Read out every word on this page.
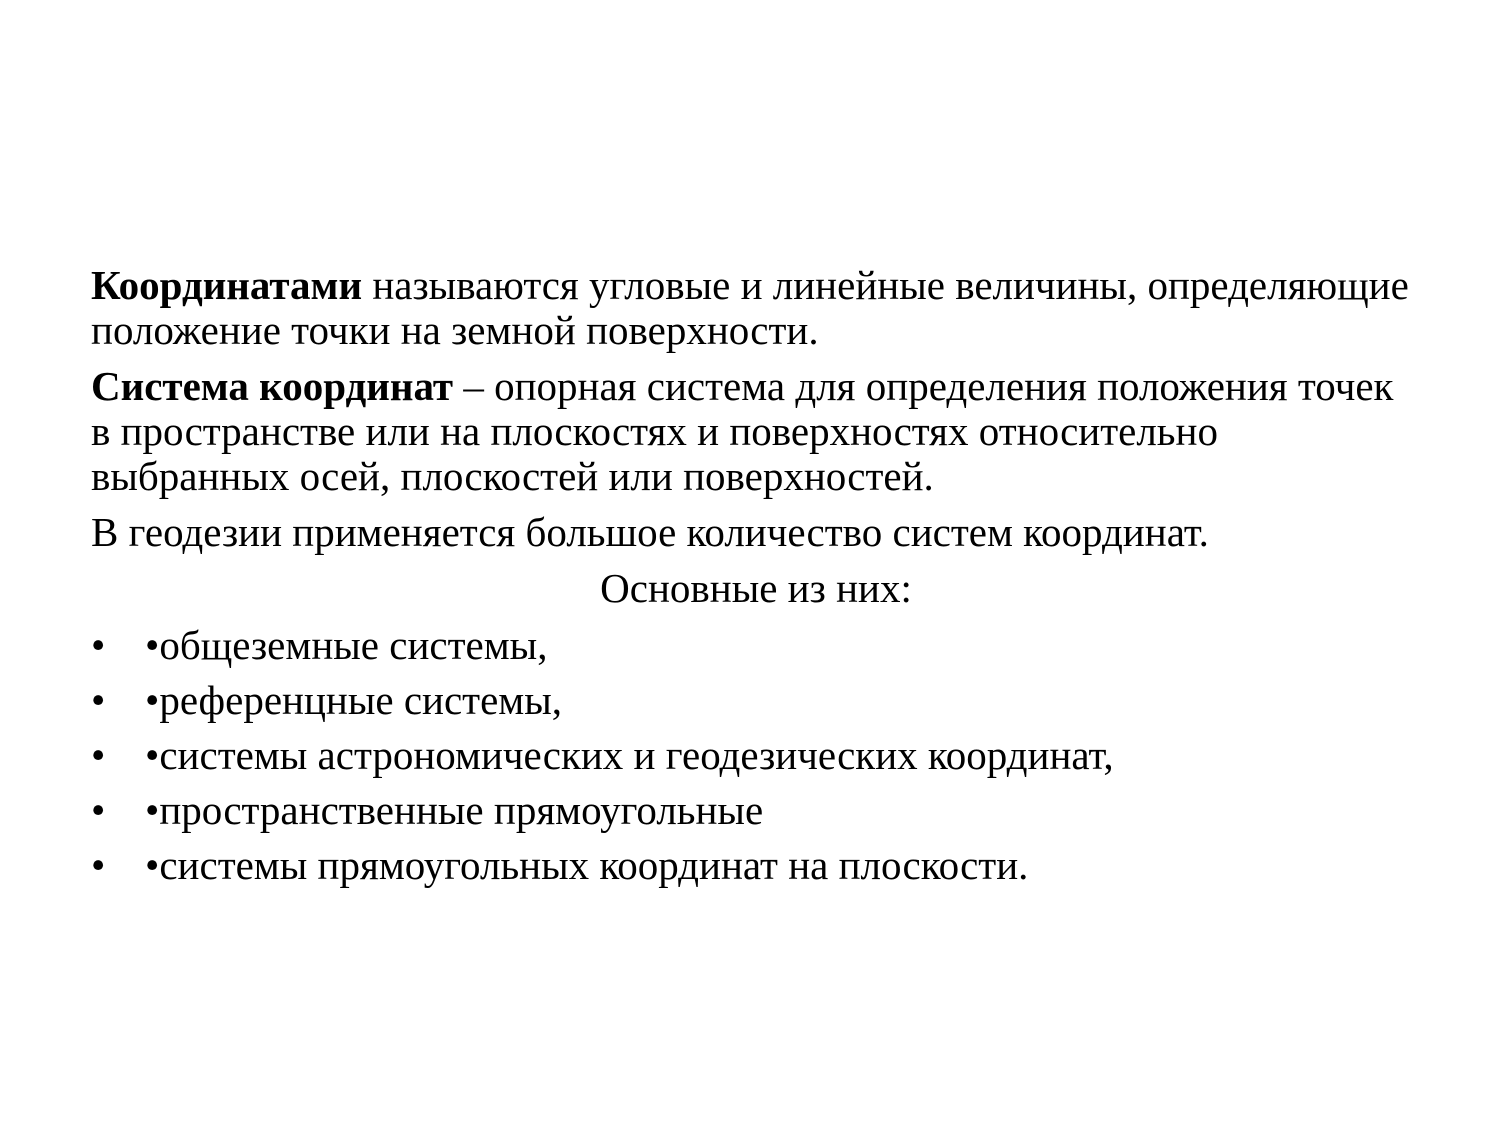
Координатами называются угловые и линейные величины, определяющие положение точки на земной поверхности.

Система координат – опорная система для определения положения точек в пространстве или на плоскостях и поверхностях относительно выбранных осей, плоскостей или поверхностей.

В геодезии применяется большое количество систем координат.

Основные из них:

• •общеземные системы,
• •референцные системы,
• •системы астрономических и геодезических координат,
• •пространственные прямоугольные
• •системы прямоугольных координат на плоскости.
